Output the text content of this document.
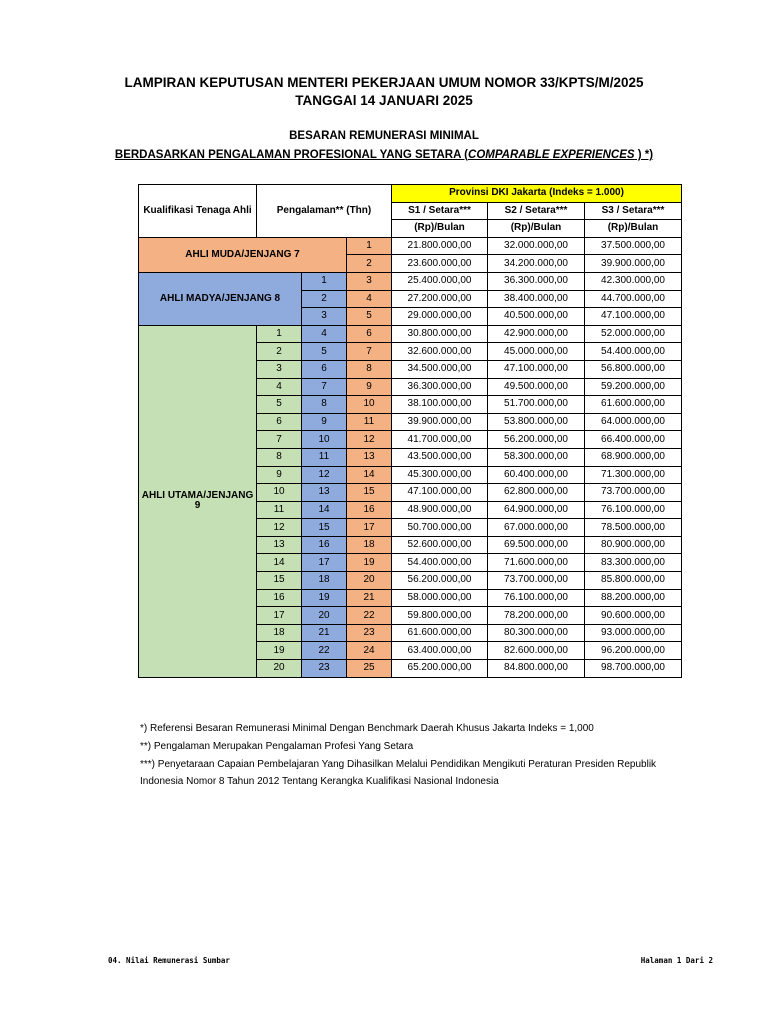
LAMPIRAN KEPUTUSAN MENTERI PEKERJAAN UMUM NOMOR 33/KPTS/M/2025
TANGGAl 14 JANUARI 2025
BESARAN REMUNERASI MINIMAL
BERDASARKAN PENGALAMAN PROFESIONAL YANG SETARA (COMPARABLE EXPERIENCES ) *)
Kualifikasi Tenaga Ahli	Pengalaman** (Thn)			Provinsi DKI Jakarta (Indeks = 1.000)		
				S1 / Setara***	S2 / Setara***	S3 / Setara***
				(Rp)/Bulan	(Rp)/Bulan	(Rp)/Bulan
AHLI MUDA/JENJANG 7			1	21.800.000,00	32.000.000,00	37.500.000,00
			2	23.600.000,00	34.200.000,00	39.900.000,00
AHLI MADYA/JENJANG 8		1	3	25.400.000,00	36.300.000,00	42.300.000,00
		2	4	27.200.000,00	38.400.000,00	44.700.000,00
		3	5	29.000.000,00	40.500.000,00	47.100.000,00
AHLI UTAMA/JENJANG 9	1	4	6	30.800.000,00	42.900.000,00	52.000.000,00
	2	5	7	32.600.000,00	45.000.000,00	54.400.000,00
	3	6	8	34.500.000,00	47.100.000,00	56.800.000,00
	4	7	9	36.300.000,00	49.500.000,00	59.200.000,00
	5	8	10	38.100.000,00	51.700.000,00	61.600.000,00
	6	9	11	39.900.000,00	53.800.000,00	64.000.000,00
	7	10	12	41.700.000,00	56.200.000,00	66.400.000,00
	8	11	13	43.500.000,00	58.300.000,00	68.900.000,00
	9	12	14	45.300.000,00	60.400.000,00	71.300.000,00
	10	13	15	47.100.000,00	62.800.000,00	73.700.000,00
	11	14	16	48.900.000,00	64.900.000,00	76.100.000,00
	12	15	17	50.700.000,00	67.000.000,00	78.500.000,00
	13	16	18	52.600.000,00	69.500.000,00	80.900.000,00
	14	17	19	54.400.000,00	71.600.000,00	83.300.000,00
	15	18	20	56.200.000,00	73.700.000,00	85.800.000,00
	16	19	21	58.000.000,00	76.100.000,00	88.200.000,00
	17	20	22	59.800.000,00	78.200.000,00	90.600.000,00
	18	21	23	61.600.000,00	80.300.000,00	93.000.000,00
	19	22	24	63.400.000,00	82.600.000,00	96.200.000,00
	20	23	25	65.200.000,00	84.800.000,00	98.700.000,00

*) Referensi Besaran Remunerasi Minimal Dengan Benchmark Daerah Khusus Jakarta Indeks = 1,000

**) Pengalaman Merupakan Pengalaman Profesi Yang Setara

***) Penyetaraan Capaian Pembelajaran Yang Dihasilkan Melalui Pendidikan Mengikuti Peraturan Presiden Republik Indonesia Nomor 8 Tahun 2012 Tentang Kerangka Kualifikasi Nasional Indonesia

04. Nilai Remunerasi Sumbar	Halaman 1 Dari 2
